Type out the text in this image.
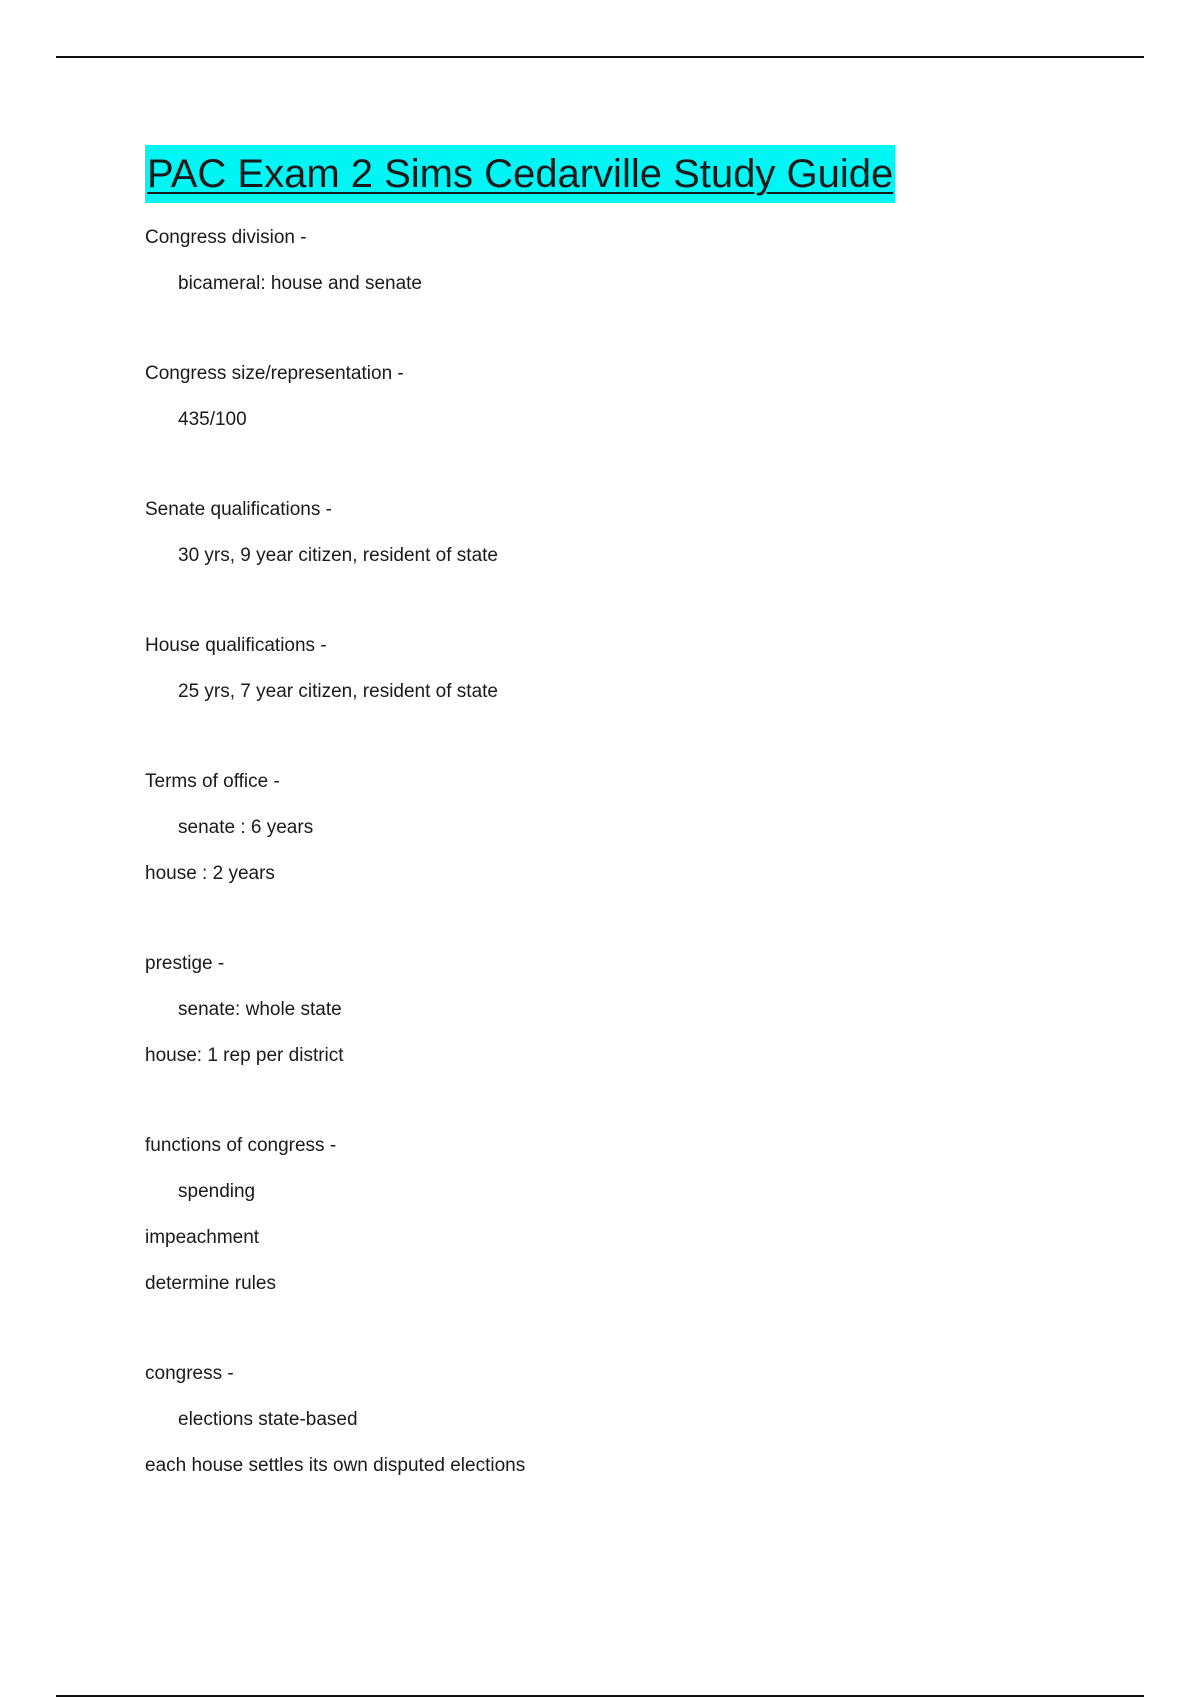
PAC Exam 2 Sims Cedarville Study Guide
Congress division -
bicameral: house and senate
Congress size/representation -
435/100
Senate qualifications -
30 yrs, 9 year citizen, resident of state
House qualifications -
25 yrs, 7 year citizen, resident of state
Terms of office -
senate : 6 years
house : 2 years
prestige -
senate: whole state
house: 1 rep per district
functions of congress -
spending
impeachment
determine rules
congress -
elections state-based
each house settles its own disputed elections
